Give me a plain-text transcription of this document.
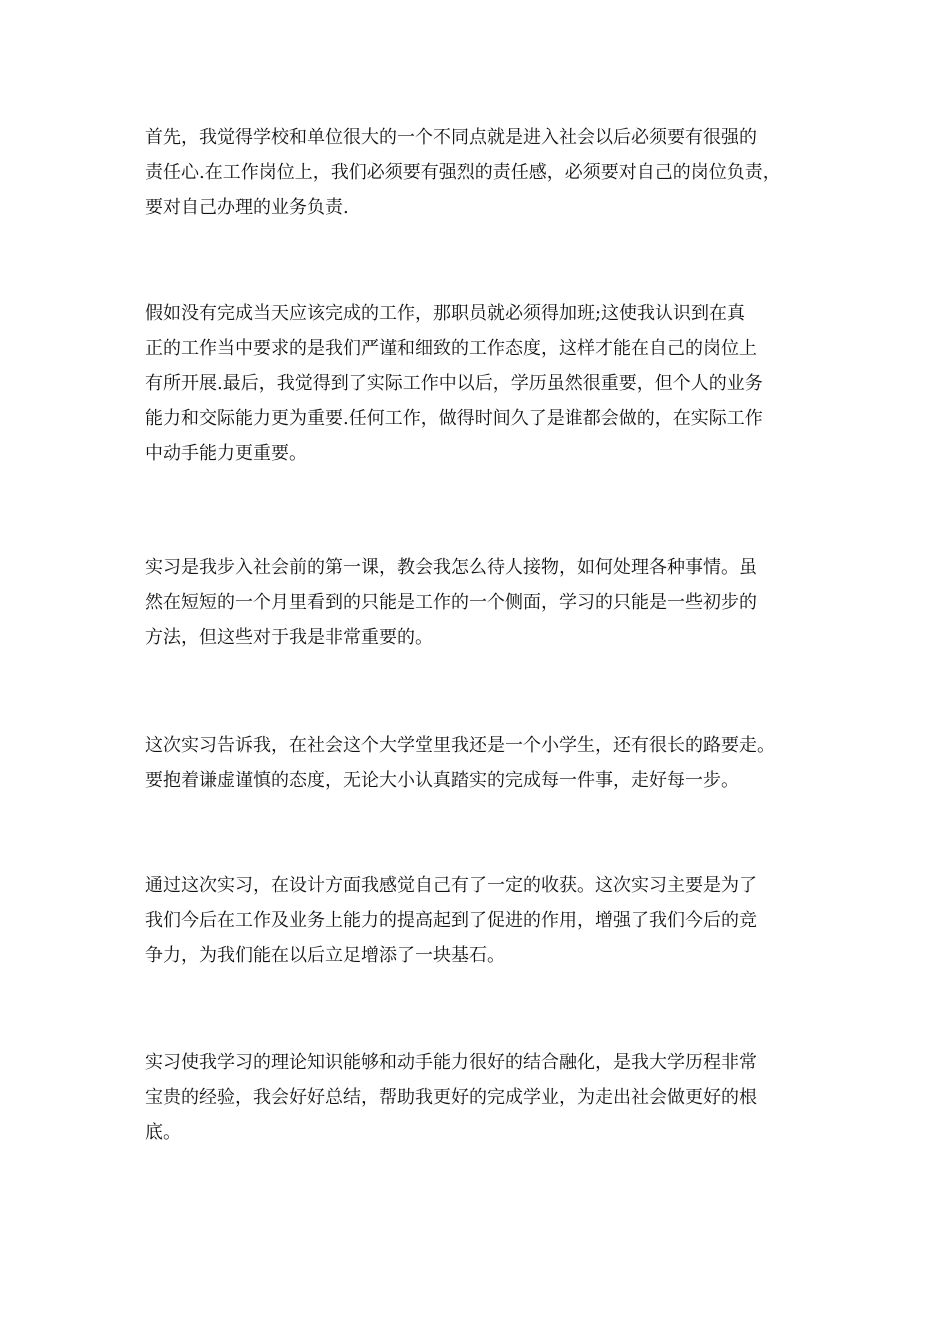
首先，我觉得学校和单位很大的一个不同点就是进入社会以后必须要有很强的
责任心.在工作岗位上，我们必须要有强烈的责任感，必须要对自己的岗位负责，
要对自己办理的业务负责.

假如没有完成当天应该完成的工作，那职员就必须得加班;这使我认识到在真
正的工作当中要求的是我们严谨和细致的工作态度，这样才能在自己的岗位上
有所开展.最后，我觉得到了实际工作中以后，学历虽然很重要，但个人的业务
能力和交际能力更为重要.任何工作，做得时间久了是谁都会做的，在实际工作
中动手能力更重要。

实习是我步入社会前的第一课，教会我怎么待人接物，如何处理各种事情。虽
然在短短的一个月里看到的只能是工作的一个侧面，学习的只能是一些初步的
方法，但这些对于我是非常重要的。

这次实习告诉我，在社会这个大学堂里我还是一个小学生，还有很长的路要走。
要抱着谦虚谨慎的态度，无论大小认真踏实的完成每一件事，走好每一步。

通过这次实习，在设计方面我感觉自己有了一定的收获。这次实习主要是为了
我们今后在工作及业务上能力的提高起到了促进的作用，增强了我们今后的竞
争力，为我们能在以后立足增添了一块基石。

实习使我学习的理论知识能够和动手能力很好的结合融化，是我大学历程非常
宝贵的经验，我会好好总结，帮助我更好的完成学业，为走出社会做更好的根
底。
